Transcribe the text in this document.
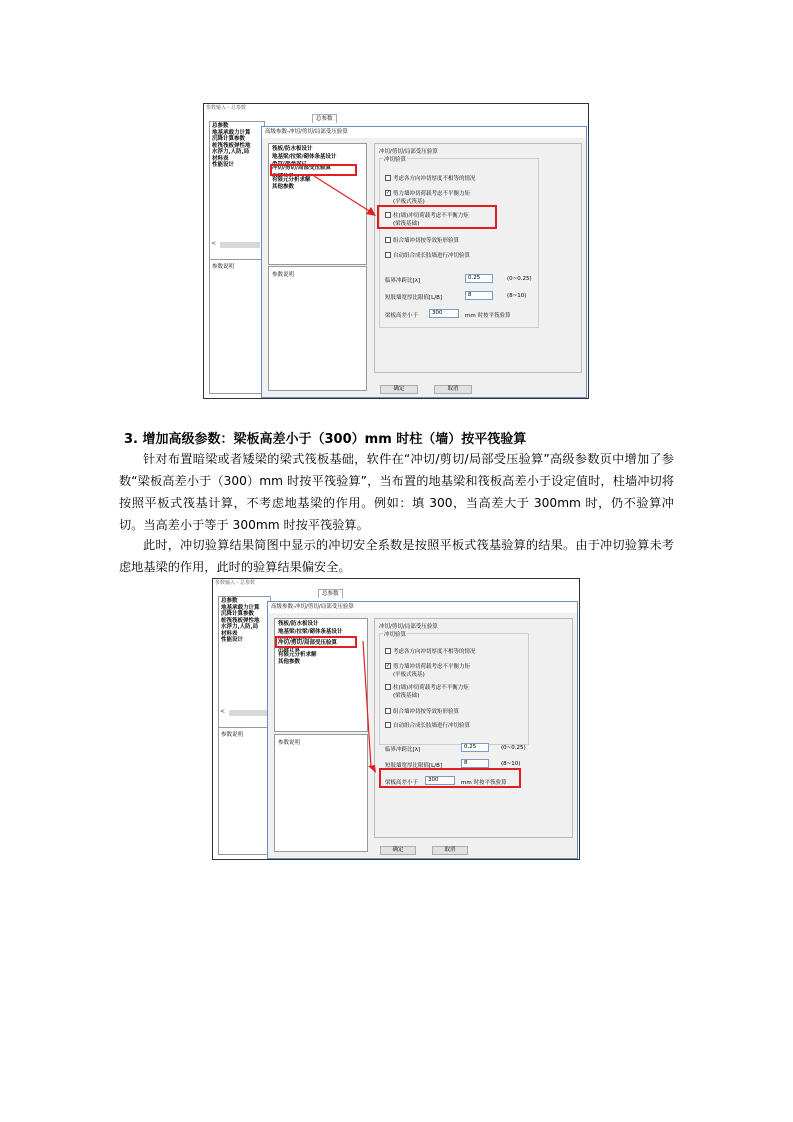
参数输入 - 总参数
总参数
总参数
地基承载力计算
沉降计算参数
桩筏筏板弹性地
水浮力,人防,局
材料表
性能设计
<
参数说明
高级参数-冲切/剪切/局部受压验算
筏板/防水板设计
地基梁/拉梁/砌体条基设计
承台/地基设计
冲切/剪切/局部受压验算
沉降计算
有限元分析求解
其他参数
参数说明
冲切/剪切/局部受压验算
冲切验算
考虑各方向冲切厚度不相等的情况
✓ 剪力墙冲切荷载考虑不平衡力矩
(平板式筏基)
柱(墙)冲切荷载考虑不平衡力矩
(梁筏基础)
组合墙冲切按等效矩形验算
自动组合成长肢墙进行冲切验算
临界冲跨比[λ]	0.25	(0~0.25)
短肢墙宽厚比限值[L/B]	8	(8~10)
梁板高差小于	300	mm 时按平筏验算
确定	取消
3. 增加高级参数：梁板高差小于（300）mm 时柱（墙）按平筏验算
针对布置暗梁或者矮梁的梁式筏板基础，软件在“冲切/剪切/局部受压验算”高级参数页中增加了参数“梁板高差小于（300）mm 时按平筏验算”，当布置的地基梁和筏板高差小于设定值时，柱墙冲切将按照平板式筏基计算，不考虑地基梁的作用。例如：填 300，当高差大于 300mm 时，仍不验算冲切。当高差小于等于 300mm 时按平筏验算。
此时，冲切验算结果简图中显示的冲切安全系数是按照平板式筏基验算的结果。由于冲切验算未考虑地基梁的作用，此时的验算结果偏安全。
参数输入 - 总参数
总参数
总参数
地基承载力计算
沉降计算参数
桩筏筏板弹性地
水浮力,人防,局
材料表
性能设计
<
参数说明
高级参数-冲切/剪切/局部受压验算
筏板/防水板设计
地基梁/拉梁/砌体条基设计
承台/地基设计
冲切/剪切/局部受压验算
沉降计算
有限元分析求解
其他参数
参数说明
冲切/剪切/局部受压验算
冲切验算
考虑各方向冲切厚度不相等的情况
✓ 剪力墙冲切荷载考虑不平衡力矩
(平板式筏基)
柱(墙)冲切荷载考虑不平衡力矩
(梁筏基础)
组合墙冲切按等效矩形验算
自动组合成长肢墙进行冲切验算
临界冲跨比[λ]	0.25	(0~0.25)
短肢墙宽厚比限值[L/B]	8	(8~10)
梁板高差小于	300	mm 时按平筏验算
确定	取消
